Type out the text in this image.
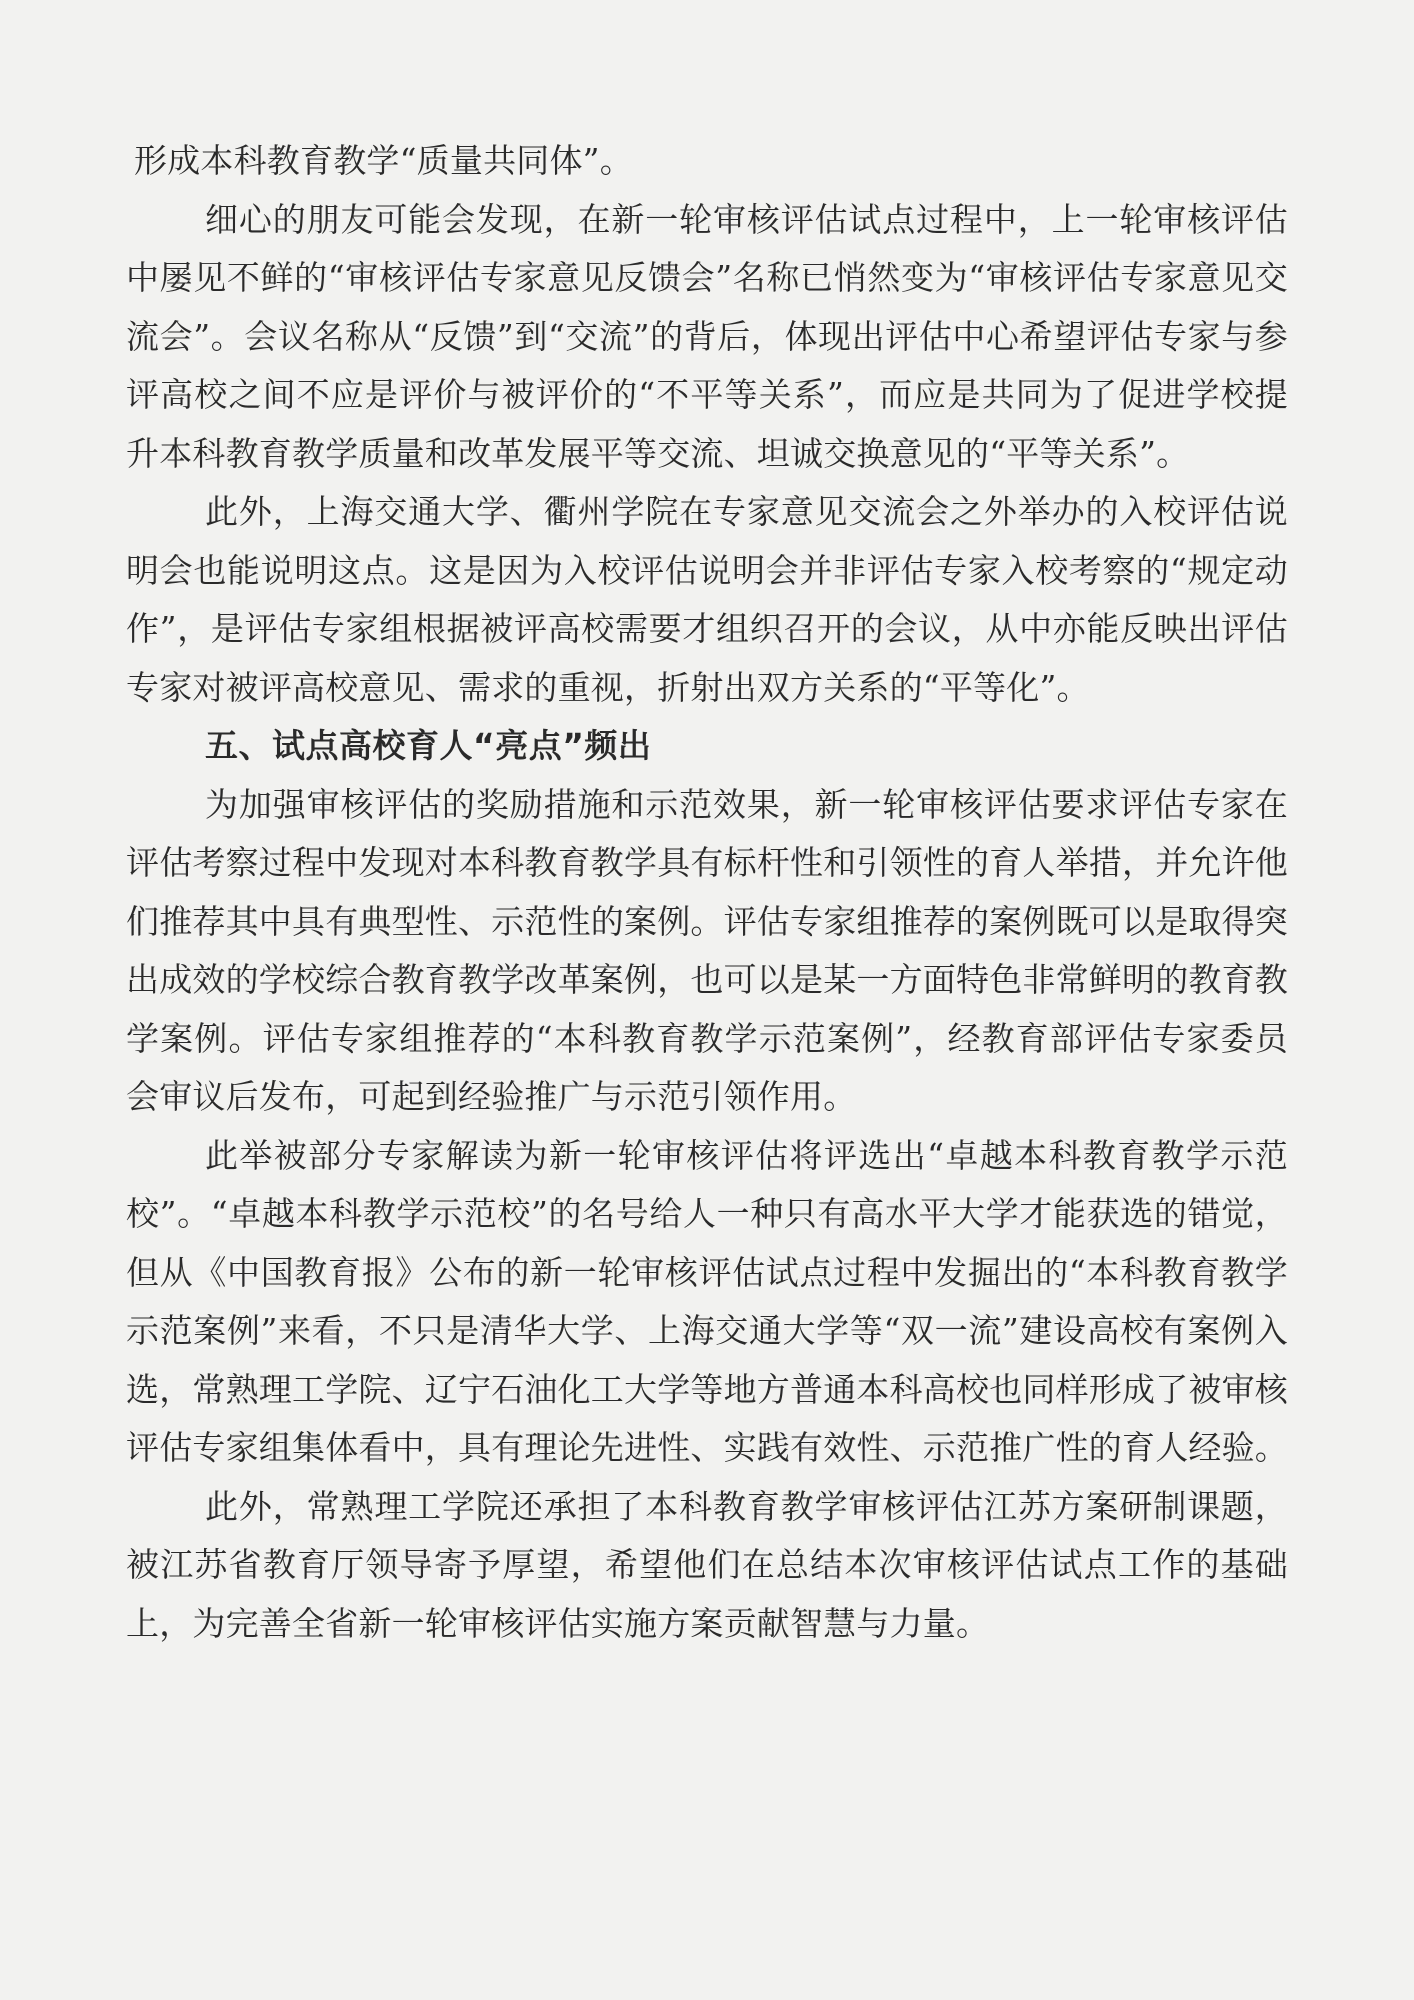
形成本科教育教学“质量共同体”。

细心的朋友可能会发现，在新一轮审核评估试点过程中，上一轮审核评估中屡见不鲜的“审核评估专家意见反馈会”名称已悄然变为“审核评估专家意见交流会”。会议名称从“反馈”到“交流”的背后，体现出评估中心希望评估专家与参评高校之间不应是评价与被评价的“不平等关系”，而应是共同为了促进学校提升本科教育教学质量和改革发展平等交流、坦诚交换意见的“平等关系”。

此外，上海交通大学、衢州学院在专家意见交流会之外举办的入校评估说明会也能说明这点。这是因为入校评估说明会并非评估专家入校考察的“规定动作”，是评估专家组根据被评高校需要才组织召开的会议，从中亦能反映出评估专家对被评高校意见、需求的重视，折射出双方关系的“平等化”。

五、试点高校育人“亮点”频出

为加强审核评估的奖励措施和示范效果，新一轮审核评估要求评估专家在评估考察过程中发现对本科教育教学具有标杆性和引领性的育人举措，并允许他们推荐其中具有典型性、示范性的案例。评估专家组推荐的案例既可以是取得突出成效的学校综合教育教学改革案例，也可以是某一方面特色非常鲜明的教育教学案例。评估专家组推荐的“本科教育教学示范案例”，经教育部评估专家委员会审议后发布，可起到经验推广与示范引领作用。

此举被部分专家解读为新一轮审核评估将评选出“卓越本科教育教学示范校”。“卓越本科教学示范校”的名号给人一种只有高水平大学才能获选的错觉，但从《中国教育报》公布的新一轮审核评估试点过程中发掘出的“本科教育教学示范案例”来看，不只是清华大学、上海交通大学等“双一流”建设高校有案例入选，常熟理工学院、辽宁石油化工大学等地方普通本科高校也同样形成了被审核评估专家组集体看中，具有理论先进性、实践有效性、示范推广性的育人经验。

此外，常熟理工学院还承担了本科教育教学审核评估江苏方案研制课题，被江苏省教育厅领导寄予厚望，希望他们在总结本次审核评估试点工作的基础上，为完善全省新一轮审核评估实施方案贡献智慧与力量。
